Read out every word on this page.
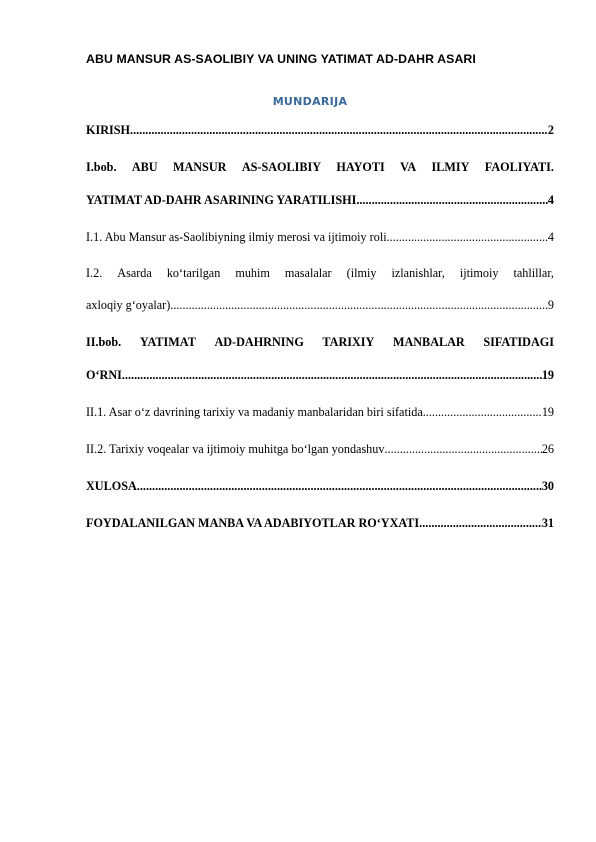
ABU MANSUR AS-SAOLIBIY VA UNING YATIMAT AD-DAHR ASARI
MUNDARIJA
KIRISH .....	2
I.bob. ABU MANSUR AS-SAOLIBIY HAYOTI VA ILMIY FAOLIYATI.
YATIMAT AD-DAHR ASARINING YARATILISHI .....	4
I.1. Abu Mansur as-Saolibiyning ilmiy merosi va ijtimoiy roli .....	4
I.2. Asarda ko‘tarilgan muhim masalalar (ilmiy izlanishlar, ijtimoiy tahlillar,
axloqiy g‘oyalar) .....	9
II.bob. YATIMAT AD-DAHRNING TARIXIY MANBALAR SIFATIDAGI
O‘RNI .....	19
II.1. Asar o‘z davrining tarixiy va madaniy manbalaridan biri sifatida .....	19
II.2. Tarixiy voqealar va ijtimoiy muhitga bo‘lgan yondashuv .....	26
XULOSA .....	30
FOYDALANILGAN MANBA VA ADABIYOTLAR RO‘YXATI .....	31
